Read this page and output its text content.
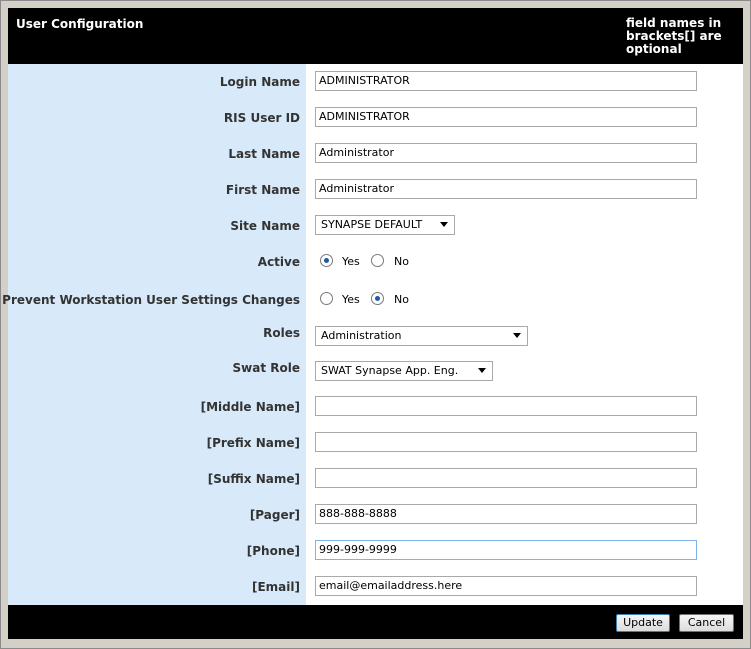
User Configuration	field names in brackets[] are optional
Login Name	ADMINISTRATOR
RIS User ID	ADMINISTRATOR
Last Name	Administrator
First Name	Administrator
Site Name	SYNAPSE DEFAULT
Active	Yes	No
Prevent Workstation User Settings Changes	Yes	No
Roles	Administration
Swat Role	SWAT Synapse App. Eng.
[Middle Name]
[Prefix Name]
[Suffix Name]
[Pager]	888-888-8888
[Phone]	999-999-9999
[Email]	email@emailaddress.here
Update	Cancel
